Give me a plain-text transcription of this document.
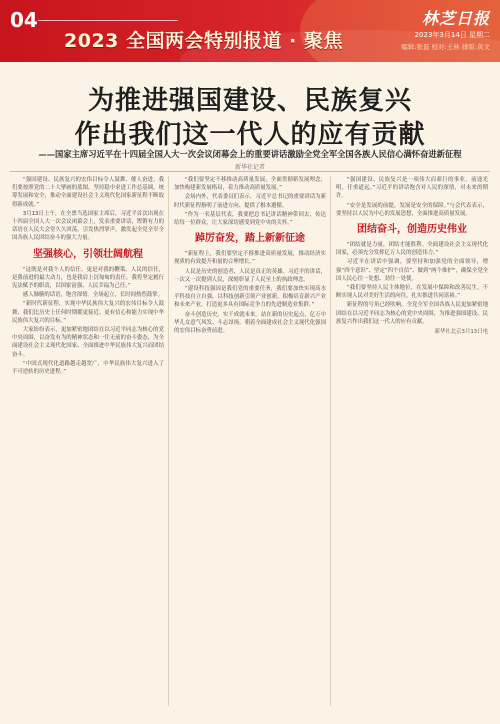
04	林芝日报
2023 全国两会特别报道 · 聚焦	2023年3月14日 星期二
编辑:张磊 校对:王林 排版:黄文
为推进强国建设、民族复兴
作出我们这一代人的应有贡献
——国家主席习近平在十四届全国人大一次会议闭幕会上的重要讲话激励全党全军全国各族人民信心满怀奋进新征程
新华社记者

“强国建设、民族复兴的宏伟目标令人鼓舞、催人奋进。我们要按照党的二十大擘画的蓝图，坚持稳中求进工作总基调，统筹发展和安全，推动全面建设社会主义现代化国家新征程不断取得新成就。”

3月13日上午，在全票当选国家主席后，习近平首次出现在十四届全国人大一次会议闭幕会上，发表重要讲话，铿锵有力的话语在人民大会堂久久回荡，引发热烈掌声，激发起全党全军全国各族人民团结奋斗的强大力量。

坚强核心，引领壮阔航程

“这既是对我个人的信任，更是对我的鞭策。人民的信任，是我前进的最大动力，也是我肩上沉甸甸的责任。我将坚定履行宪法赋予的职责，以国家富强、人民幸福为己任。”

感人肺腑的话语，饱含深情。全场起立，长时间热烈鼓掌。

“新时代新征程，实现中华民族伟大复兴的宏伟目标令人鼓舞，我们比历史上任何时期都更接近、更有信心和能力实现中华民族伟大复兴的目标。”

大家纷纷表示，更加紧密地团结在以习近平同志为核心的党中央周围，以奋发有为的精神状态和一往无前的奋斗姿态，为全面建设社会主义现代化国家、全面推进中华民族伟大复兴而团结奋斗。

“中国式现代化道路越走越宽广，中华民族伟大复兴进入了不可逆转的历史进程。”

“我们要坚定不移推动高质量发展，全面贯彻新发展理念，加快构建新发展格局，着力推动高质量发展。”

会场内外，代表委员们表示，习近平总书记的重要讲话为新时代新征程指明了前进方向、提供了根本遵循。

“作为一名基层代表，我要把总书记讲话精神带回去，传达给每一位群众，让大家深切感受到党中央的关怀。”

踔厉奋发，踏上新新征途

“新征程上，我们要坚定不移推进高质量发展，推动经济实现质的有效提升和量的合理增长。”

人民是历史的创造者，人民是真正的英雄。习近平的讲话，一次又一次提到人民，深刻彰显了人民至上的执政理念。

“建设科技强国是我们党的重要任务，我们要加快实现高水平科技自立自强，以科技创新引领产业创新，积极培育新兴产业和未来产业，打造更多具有国际竞争力的先进制造业集群。”

奋斗创造历史，实干成就未来。站在新的历史起点，亿万中华儿女意气风发、斗志昂扬，朝着全面建成社会主义现代化强国的宏伟目标奋勇前进。

“强国建设、民族复兴是一项伟大而艰巨的事业，前途光明，任重道远。”习近平的讲话饱含对人民的深情，对未来的期许。

“安全是发展的前提，发展是安全的保障。”与会代表表示，要坚持以人民为中心的发展思想，全面推进高质量发展。

团结奋斗，创造历史伟业

“团结就是力量，团结才能胜利。全面建设社会主义现代化国家，必须充分发挥亿万人民的创造伟力。”

习近平在讲话中强调，要坚持和加强党的全面领导，增强“四个意识”、坚定“四个自信”、做到“两个维护”，确保全党全国人民心往一处想、劲往一处使。

“我们要坚持人民主体地位，在发展中保障和改善民生，不断实现人民对美好生活的向往，扎实推进共同富裕。”

新征程的号角已经吹响。全党全军全国各族人民更加紧密地团结在以习近平同志为核心的党中央周围，为推进强国建设、民族复兴作出我们这一代人的应有贡献。

新华社北京3月13日电
